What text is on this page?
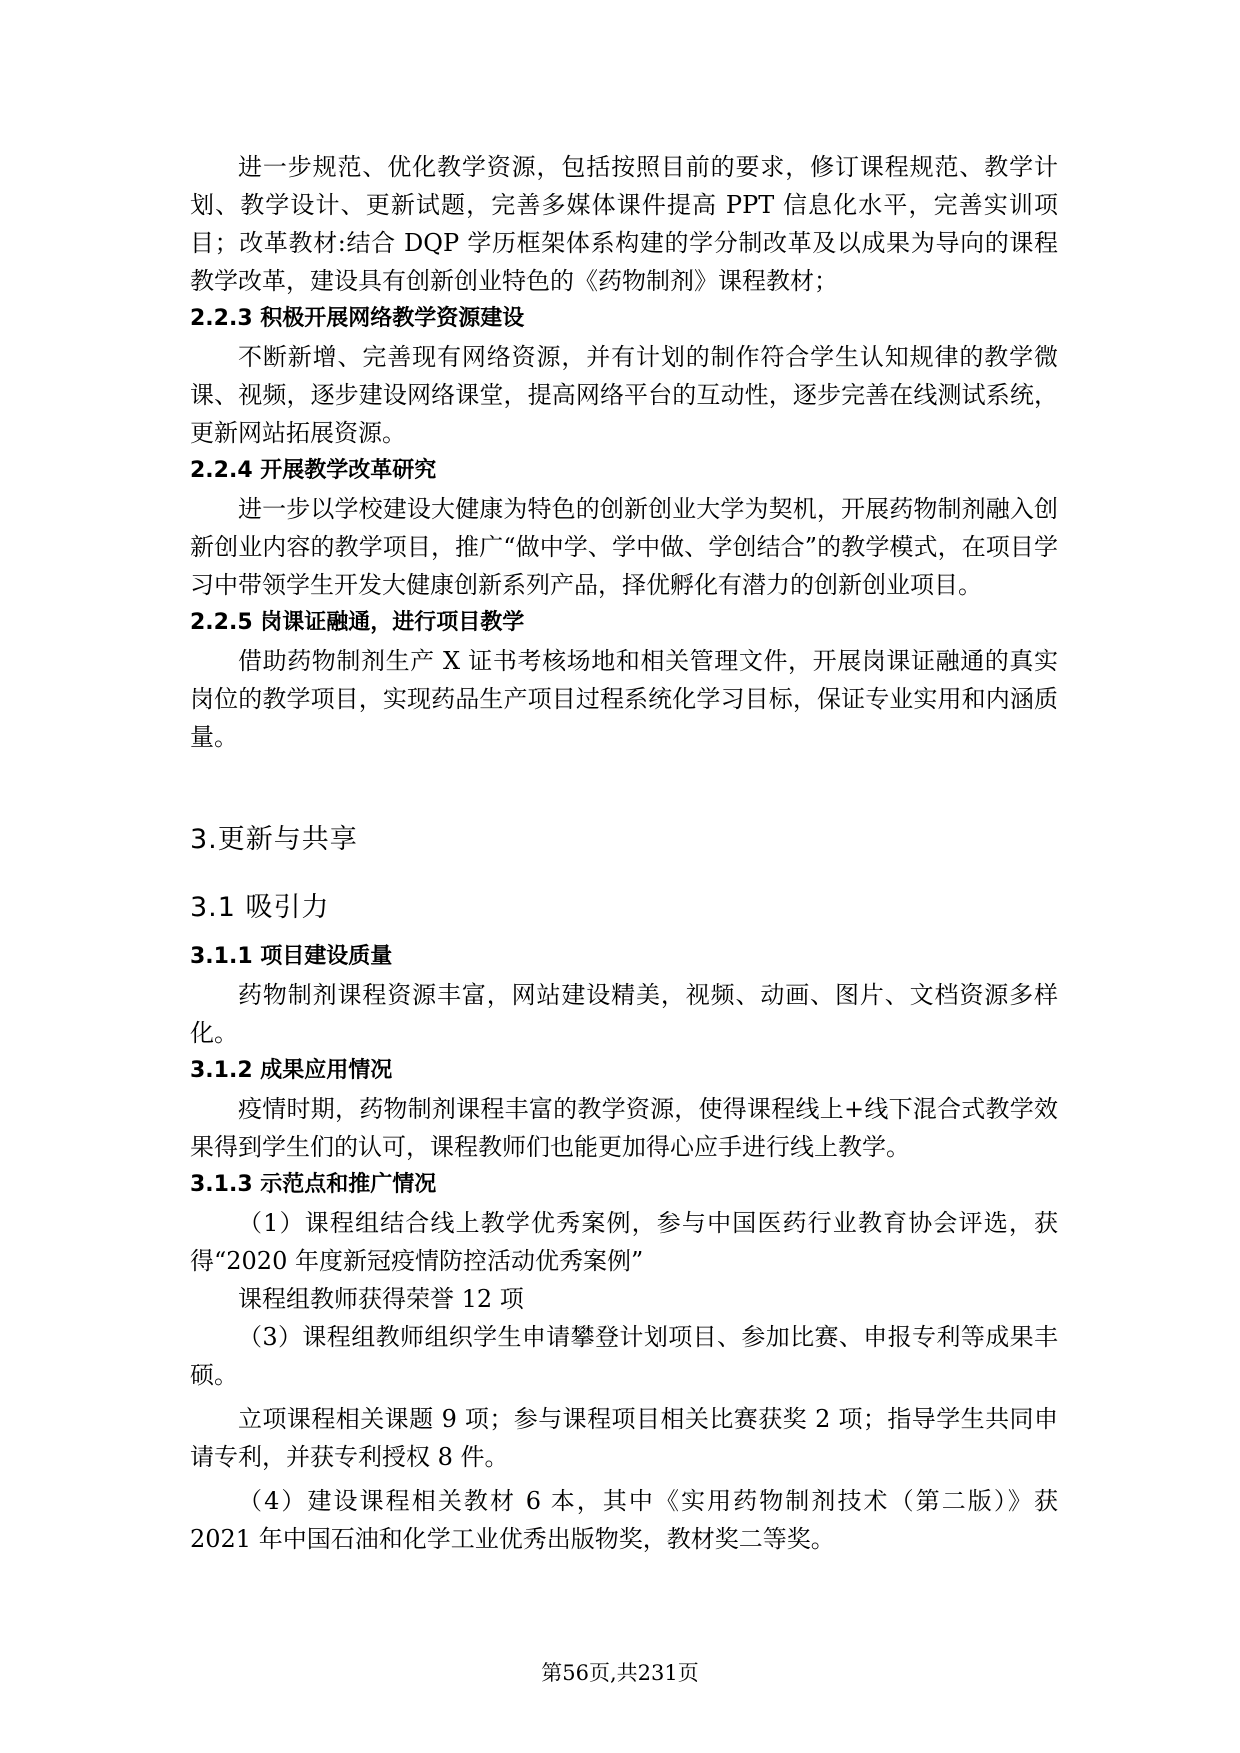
进一步规范、优化教学资源，包括按照目前的要求，修订课程规范、教学计划、教学设计、更新试题，完善多媒体课件提高 PPT 信息化水平，完善实训项目；改革教材:结合 DQP 学历框架体系构建的学分制改革及以成果为导向的课程教学改革，建设具有创新创业特色的《药物制剂》课程教材；

2.2.3 积极开展网络教学资源建设

不断新增、完善现有网络资源，并有计划的制作符合学生认知规律的教学微课、视频，逐步建设网络课堂，提高网络平台的互动性，逐步完善在线测试系统，更新网站拓展资源。

2.2.4 开展教学改革研究

进一步以学校建设大健康为特色的创新创业大学为契机，开展药物制剂融入创新创业内容的教学项目，推广“做中学、学中做、学创结合”的教学模式，在项目学习中带领学生开发大健康创新系列产品，择优孵化有潜力的创新创业项目。

2.2.5 岗课证融通，进行项目教学

借助药物制剂生产 X 证书考核场地和相关管理文件，开展岗课证融通的真实岗位的教学项目，实现药品生产项目过程系统化学习目标，保证专业实用和内涵质量。

3.更新与共享

3.1 吸引力

3.1.1 项目建设质量

药物制剂课程资源丰富，网站建设精美，视频、动画、图片、文档资源多样化。

3.1.2 成果应用情况

疫情时期，药物制剂课程丰富的教学资源，使得课程线上+线下混合式教学效果得到学生们的认可，课程教师们也能更加得心应手进行线上教学。

3.1.3 示范点和推广情况

（1）课程组结合线上教学优秀案例，参与中国医药行业教育协会评选，获得“2020 年度新冠疫情防控活动优秀案例”

课程组教师获得荣誉 12 项

（3）课程组教师组织学生申请攀登计划项目、参加比赛、申报专利等成果丰硕。

立项课程相关课题 9 项；参与课程项目相关比赛获奖 2 项；指导学生共同申请专利，并获专利授权 8 件。

（4）建设课程相关教材 6 本，其中《实用药物制剂技术（第二版）》获 2021 年中国石油和化学工业优秀出版物奖，教材奖二等奖。

第56页,共231页
